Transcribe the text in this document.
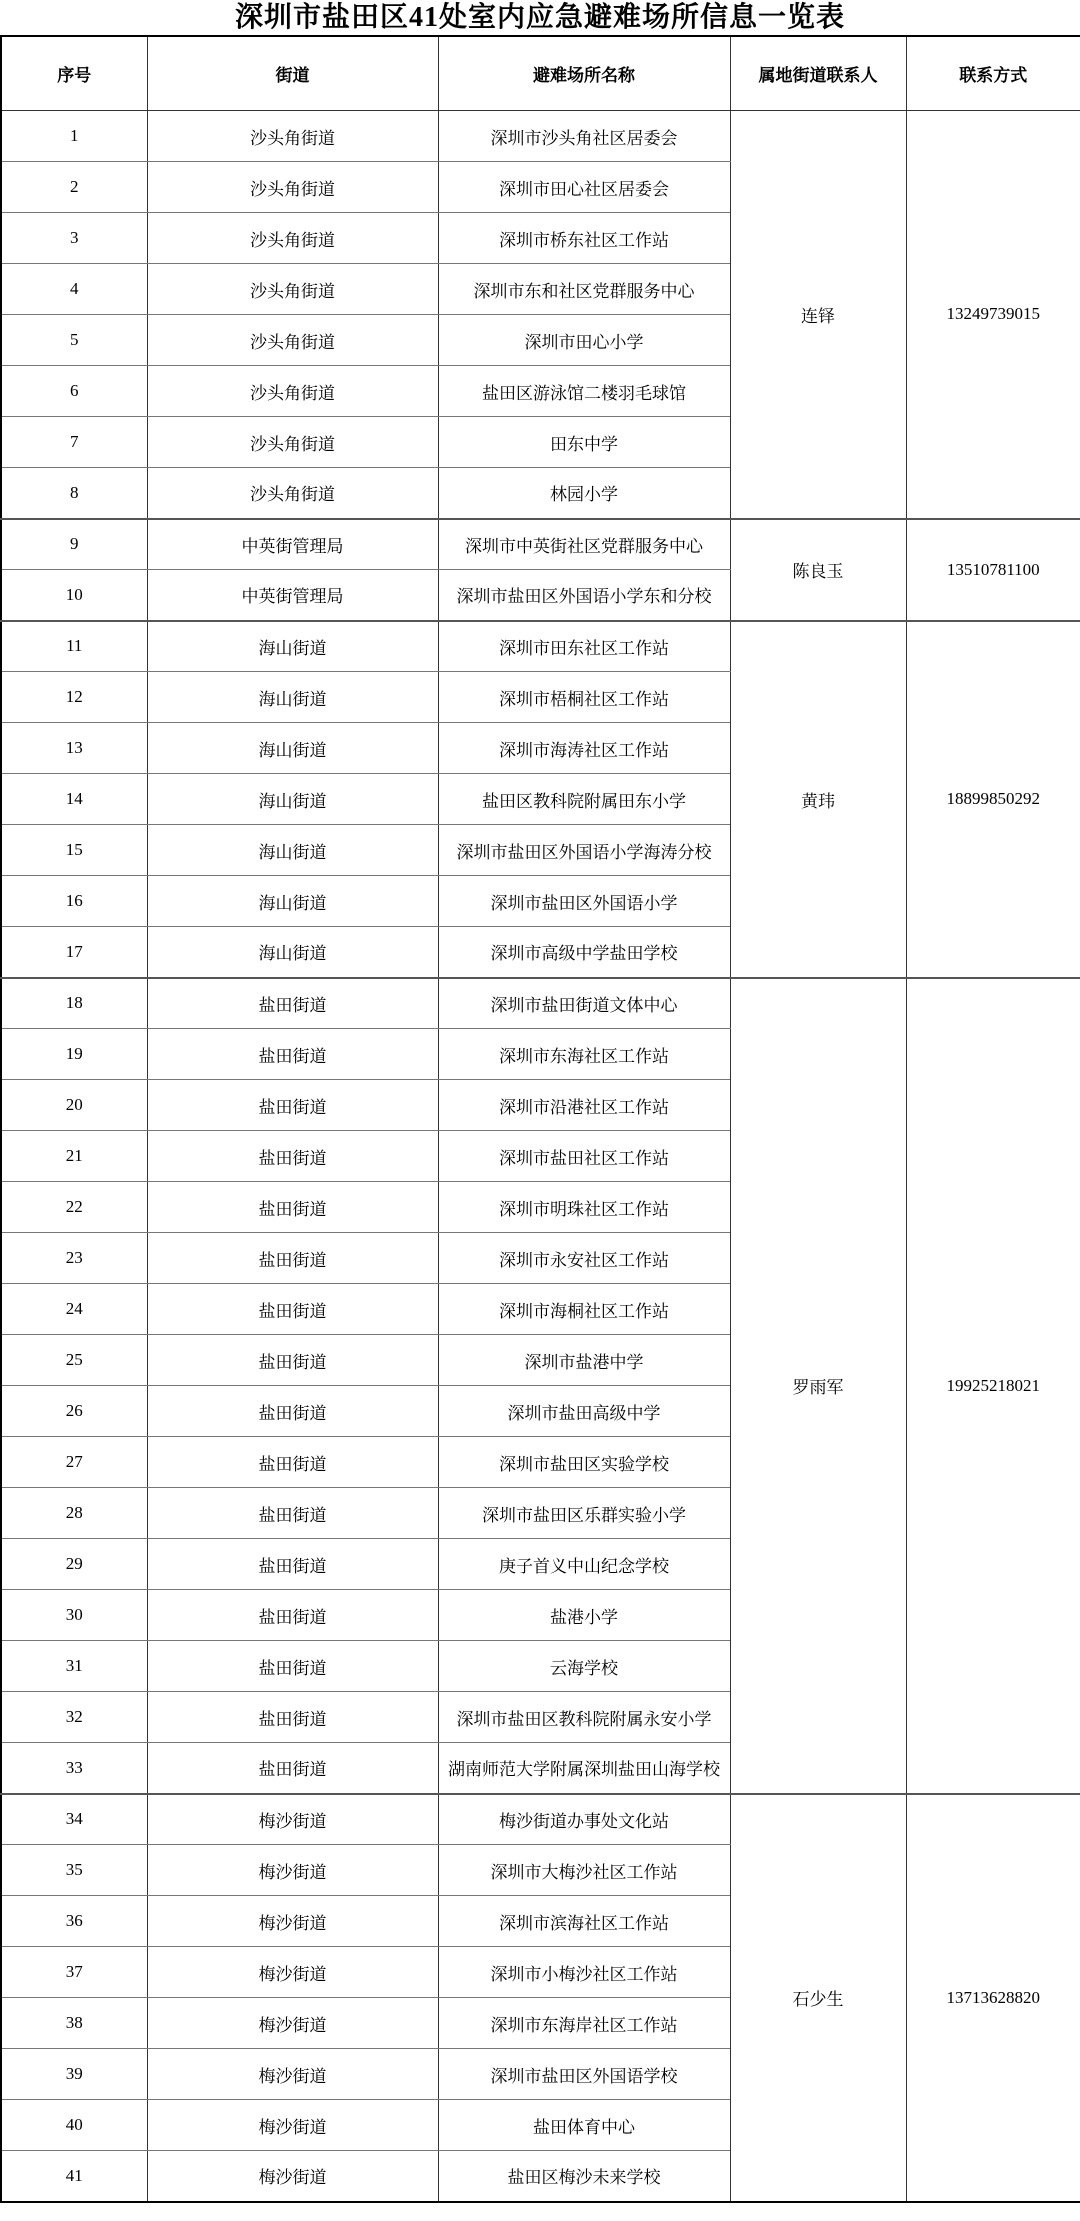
深圳市盐田区41处室内应急避难场所信息一览表
序号	街道	避难场所名称	属地街道联系人	联系方式
1	沙头角街道	深圳市沙头角社区居委会	连铎	13249739015
2	沙头角街道	深圳市田心社区居委会		
3	沙头角街道	深圳市桥东社区工作站		
4	沙头角街道	深圳市东和社区党群服务中心		
5	沙头角街道	深圳市田心小学		
6	沙头角街道	盐田区游泳馆二楼羽毛球馆		
7	沙头角街道	田东中学		
8	沙头角街道	林园小学		
9	中英街管理局	深圳市中英街社区党群服务中心	陈良玉	13510781100
10	中英街管理局	深圳市盐田区外国语小学东和分校		
11	海山街道	深圳市田东社区工作站	黄玮	18899850292
12	海山街道	深圳市梧桐社区工作站		
13	海山街道	深圳市海涛社区工作站		
14	海山街道	盐田区教科院附属田东小学		
15	海山街道	深圳市盐田区外国语小学海涛分校		
16	海山街道	深圳市盐田区外国语小学		
17	海山街道	深圳市高级中学盐田学校		
18	盐田街道	深圳市盐田街道文体中心	罗雨军	19925218021
19	盐田街道	深圳市东海社区工作站		
20	盐田街道	深圳市沿港社区工作站		
21	盐田街道	深圳市盐田社区工作站		
22	盐田街道	深圳市明珠社区工作站		
23	盐田街道	深圳市永安社区工作站		
24	盐田街道	深圳市海桐社区工作站		
25	盐田街道	深圳市盐港中学		
26	盐田街道	深圳市盐田高级中学		
27	盐田街道	深圳市盐田区实验学校		
28	盐田街道	深圳市盐田区乐群实验小学		
29	盐田街道	庚子首义中山纪念学校		
30	盐田街道	盐港小学		
31	盐田街道	云海学校		
32	盐田街道	深圳市盐田区教科院附属永安小学		
33	盐田街道	湖南师范大学附属深圳盐田山海学校		
34	梅沙街道	梅沙街道办事处文化站	石少生	13713628820
35	梅沙街道	深圳市大梅沙社区工作站		
36	梅沙街道	深圳市滨海社区工作站		
37	梅沙街道	深圳市小梅沙社区工作站		
38	梅沙街道	深圳市东海岸社区工作站		
39	梅沙街道	深圳市盐田区外国语学校		
40	梅沙街道	盐田体育中心		
41	梅沙街道	盐田区梅沙未来学校		
